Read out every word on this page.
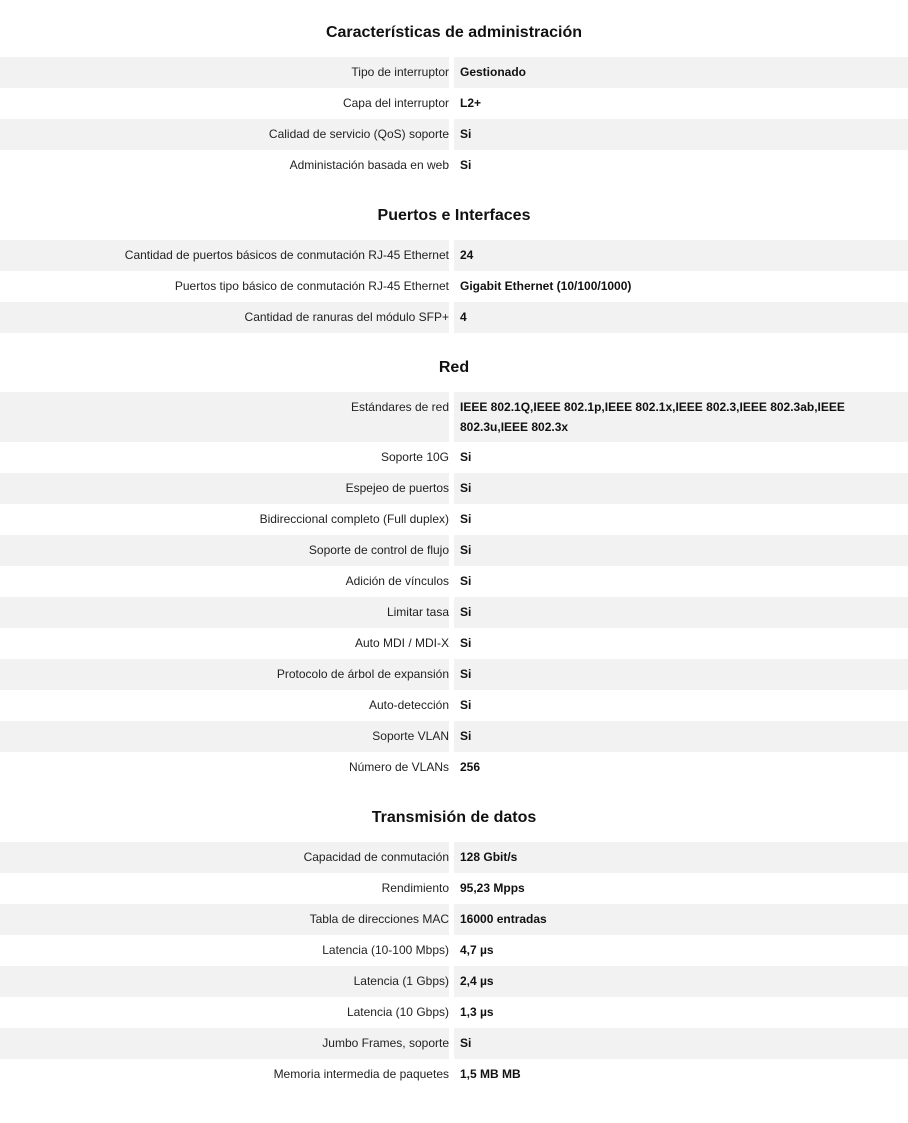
Características de administración
Tipo de interruptor Gestionado
Capa del interruptor L2+
Calidad de servicio (QoS) soporte Si
Administación basada en web Si
Puertos e Interfaces
Cantidad de puertos básicos de conmutación RJ-45 Ethernet 24
Puertos tipo básico de conmutación RJ-45 Ethernet Gigabit Ethernet (10/100/1000)
Cantidad de ranuras del módulo SFP+ 4
Red
Estándares de red IEEE 802.1Q,IEEE 802.1p,IEEE 802.1x,IEEE 802.3,IEEE 802.3ab,IEEE 802.3u,IEEE 802.3x
Soporte 10G Si
Espejeo de puertos Si
Bidireccional completo (Full duplex) Si
Soporte de control de flujo Si
Adición de vínculos Si
Limitar tasa Si
Auto MDI / MDI-X Si
Protocolo de árbol de expansión Si
Auto-detección Si
Soporte VLAN Si
Número de VLANs 256
Transmisión de datos
Capacidad de conmutación 128 Gbit/s
Rendimiento 95,23 Mpps
Tabla de direcciones MAC 16000 entradas
Latencia (10-100 Mbps) 4,7 µs
Latencia (1 Gbps) 2,4 µs
Latencia (10 Gbps) 1,3 µs
Jumbo Frames, soporte Si
Memoria intermedia de paquetes 1,5 MB MB
